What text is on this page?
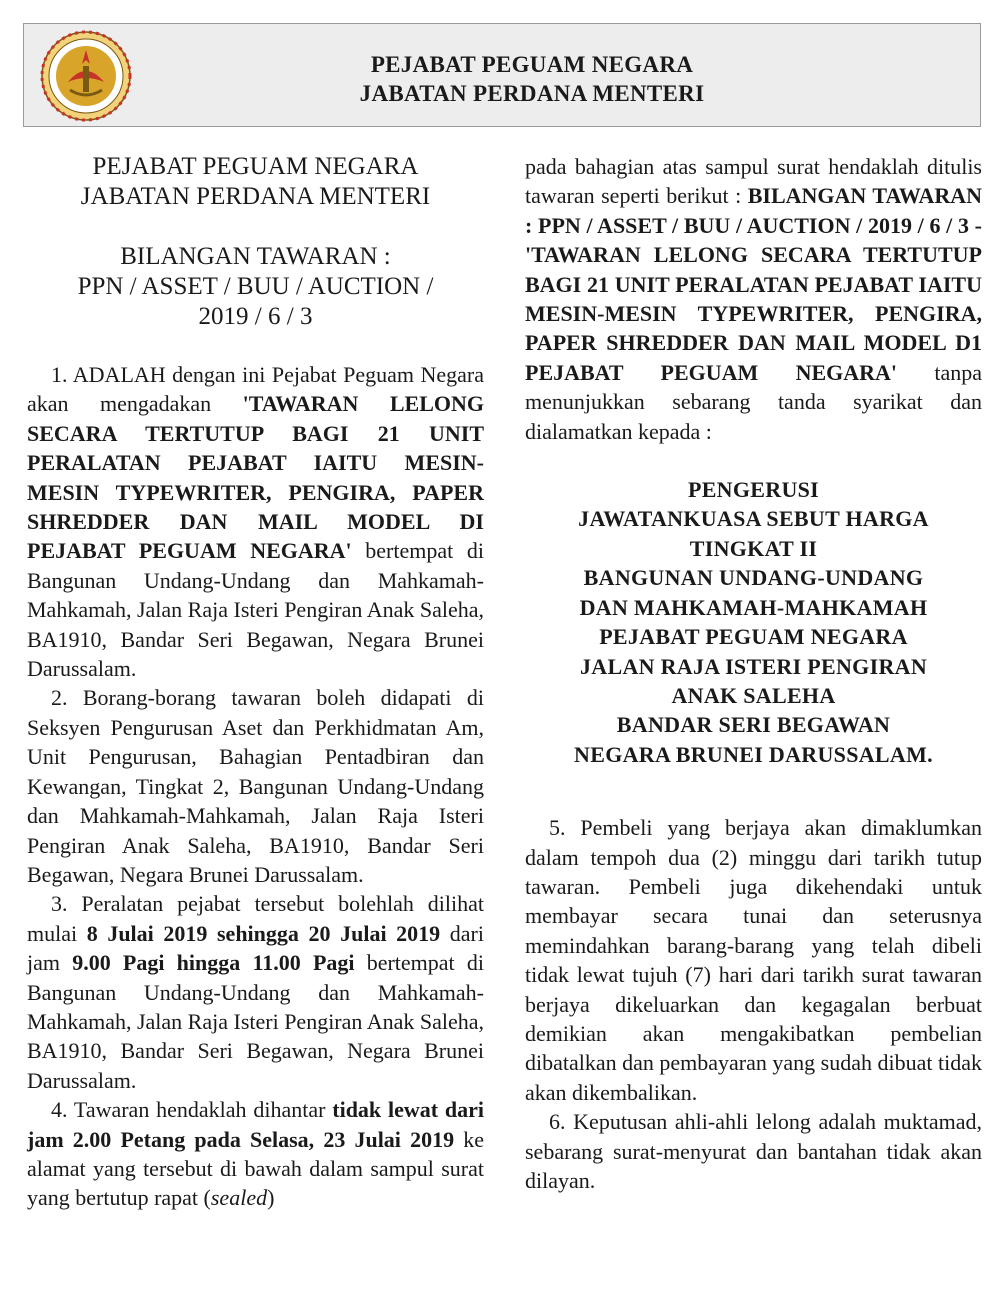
PEJABAT PEGUAM NEGARA
JABATAN PERDANA MENTERI
PEJABAT PEGUAM NEGARA
JABATAN PERDANA MENTERI
BILANGAN TAWARAN :
PPN / ASSET / BUU / AUCTION /
2019 / 6 / 3
1. ADALAH dengan ini Pejabat Peguam Negara akan mengadakan 'TAWARAN LELONG SECARA TERTUTUP BAGI 21 UNIT PERALATAN PEJABAT IAITU MESIN-MESIN TYPEWRITER, PENGIRA, PAPER SHREDDER DAN MAIL MODEL DI PEJABAT PEGUAM NEGARA' bertempat di Bangunan Undang-Undang dan Mahkamah-Mahkamah, Jalan Raja Isteri Pengiran Anak Saleha, BA1910, Bandar Seri Begawan, Negara Brunei Darussalam.
2. Borang-borang tawaran boleh didapati di Seksyen Pengurusan Aset dan Perkhidmatan Am, Unit Pengurusan, Bahagian Pentadbiran dan Kewangan, Tingkat 2, Bangunan Undang-Undang dan Mahkamah-Mahkamah, Jalan Raja Isteri Pengiran Anak Saleha, BA1910, Bandar Seri Begawan, Negara Brunei Darussalam.
3. Peralatan pejabat tersebut bolehlah dilihat mulai 8 Julai 2019 sehingga 20 Julai 2019 dari jam 9.00 Pagi hingga 11.00 Pagi bertempat di Bangunan Undang-Undang dan Mahkamah-Mahkamah, Jalan Raja Isteri Pengiran Anak Saleha, BA1910, Bandar Seri Begawan, Negara Brunei Darussalam.
4. Tawaran hendaklah dihantar tidak lewat dari jam 2.00 Petang pada Selasa, 23 Julai 2019 ke alamat yang tersebut di bawah dalam sampul surat yang bertutup rapat (sealed)
pada bahagian atas sampul surat hendaklah ditulis tawaran seperti berikut : BILANGAN TAWARAN : PPN / ASSET / BUU / AUCTION / 2019 / 6 / 3 - 'TAWARAN LELONG SECARA TERTUTUP BAGI 21 UNIT PERALATAN PEJABAT IAITU MESIN-MESIN TYPEWRITER, PENGIRA, PAPER SHREDDER DAN MAIL MODEL D1 PEJABAT PEGUAM NEGARA' tanpa menunjukkan sebarang tanda syarikat dan dialamatkan kepada :
PENGERUSI
JAWATANKUASA SEBUT HARGA
TINGKAT II
BANGUNAN UNDANG-UNDANG
DAN MAHKAMAH-MAHKAMAH
PEJABAT PEGUAM NEGARA
JALAN RAJA ISTERI PENGIRAN
ANAK SALEHA
BANDAR SERI BEGAWAN
NEGARA BRUNEI DARUSSALAM.
5. Pembeli yang berjaya akan dimaklumkan dalam tempoh dua (2) minggu dari tarikh tutup tawaran. Pembeli juga dikehendaki untuk membayar secara tunai dan seterusnya memindahkan barang-barang yang telah dibeli tidak lewat tujuh (7) hari dari tarikh surat tawaran berjaya dikeluarkan dan kegagalan berbuat demikian akan mengakibatkan pembelian dibatalkan dan pembayaran yang sudah dibuat tidak akan dikembalikan.
6. Keputusan ahli-ahli lelong adalah muktamad, sebarang surat-menyurat dan bantahan tidak akan dilayan.
